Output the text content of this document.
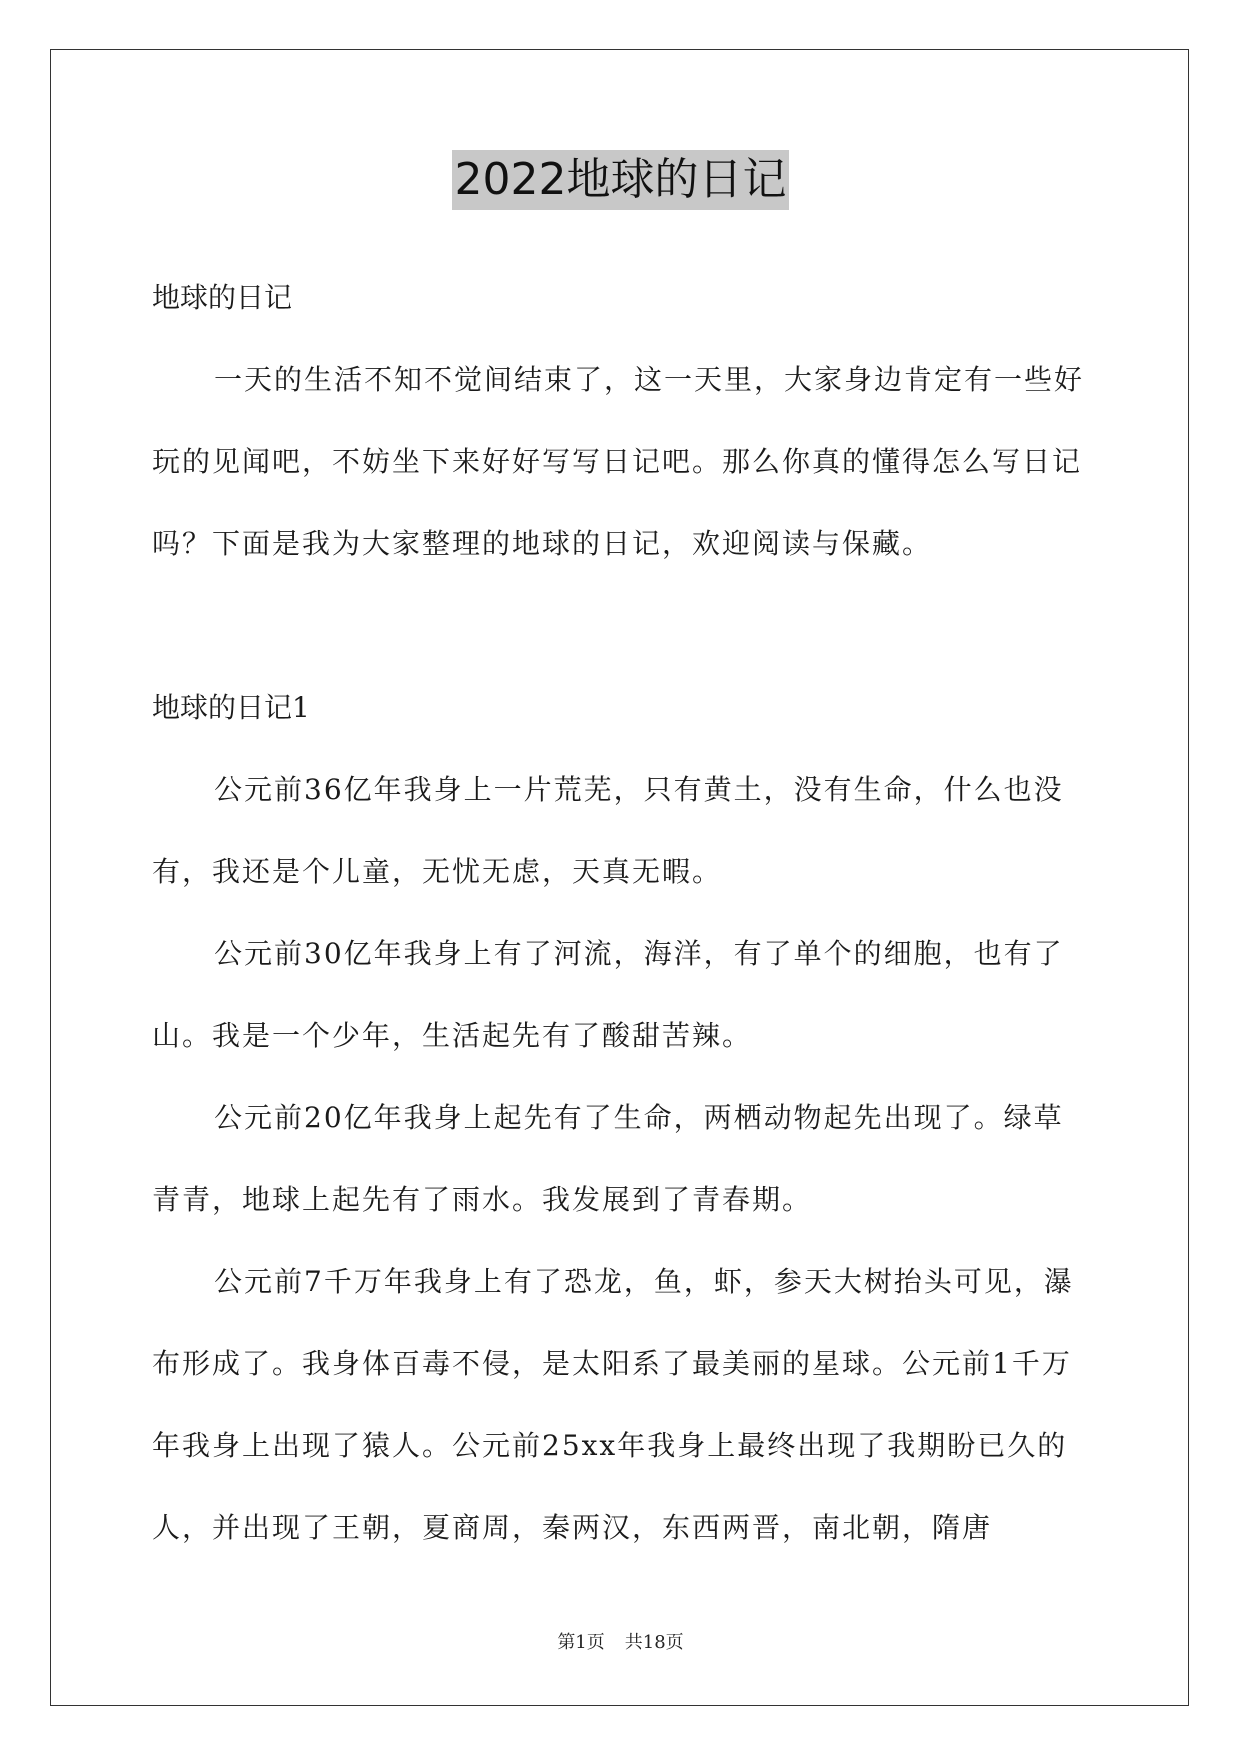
2022地球的日记

地球的日记

一天的生活不知不觉间结束了，这一天里，大家身边肯定有一些好玩的见闻吧，不妨坐下来好好写写日记吧。那么你真的懂得怎么写日记吗？下面是我为大家整理的地球的日记，欢迎阅读与保藏。

地球的日记1

公元前36亿年我身上一片荒芜，只有黄土，没有生命，什么也没有，我还是个儿童，无忧无虑，天真无暇。

公元前30亿年我身上有了河流，海洋，有了单个的细胞，也有了山。我是一个少年，生活起先有了酸甜苦辣。

公元前20亿年我身上起先有了生命，两栖动物起先出现了。绿草青青，地球上起先有了雨水。我发展到了青春期。

公元前7千万年我身上有了恐龙，鱼，虾，参天大树抬头可见，瀑布形成了。我身体百毒不侵，是太阳系了最美丽的星球。公元前1千万年我身上出现了猿人。公元前25xx年我身上最终出现了我期盼已久的人，并出现了王朝，夏商周，秦两汉，东西两晋，南北朝，隋唐

第1页 共18页
